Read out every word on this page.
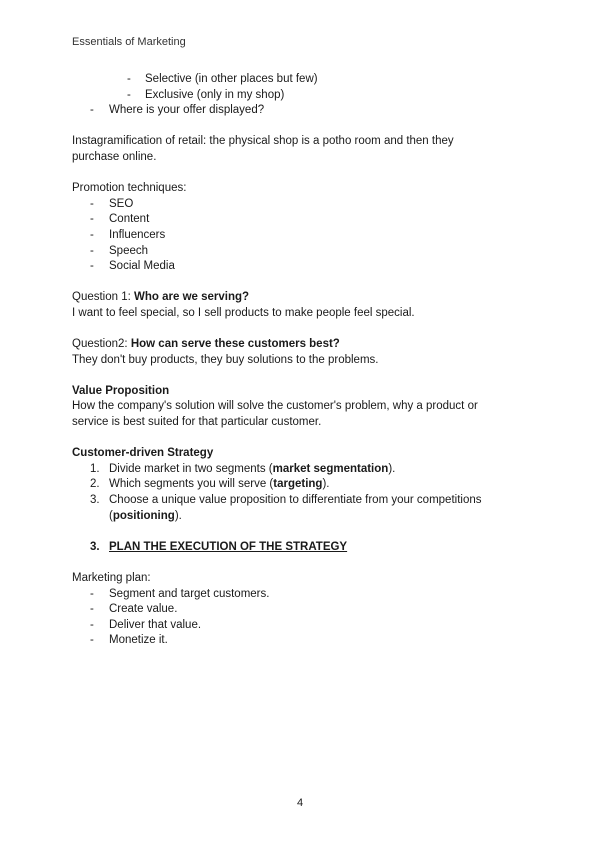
Essentials of Marketing
-	Selective (in other places but few)
-	Exclusive (only in my shop)
-	Where is your offer displayed?
Instagramification of retail: the physical shop is a potho room and then they
purchase online.
Promotion techniques:
-	SEO
-	Content
-	Influencers
-	Speech
-	Social Media
Question 1: Who are we serving?
I want to feel special, so I sell products to make people feel special.
Question2: How can serve these customers best?
They don't buy products, they buy solutions to the problems.
Value Proposition
How the company's solution will solve the customer's problem, why a product or
service is best suited for that particular customer.
Customer-driven Strategy
1. Divide market in two segments (market segmentation).
2. Which segments you will serve (targeting).
3. Choose a unique value proposition to differentiate from your competitions (positioning).
3. PLAN THE EXECUTION OF THE STRATEGY
Marketing plan:
-	Segment and target customers.
-	Create value.
-	Deliver that value.
-	Monetize it.
4
